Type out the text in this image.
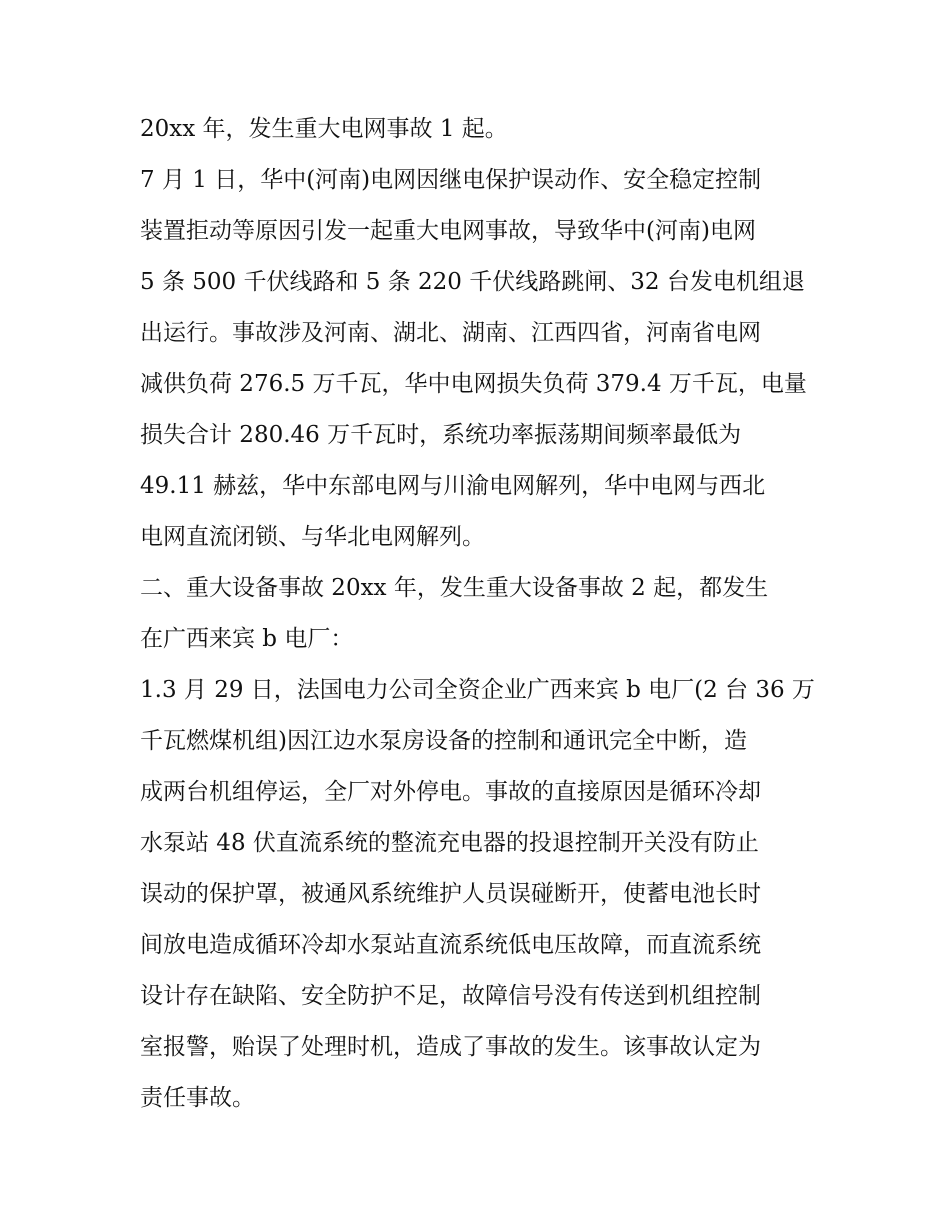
20xx 年，发生重大电网事故 1 起。
7 月 1 日，华中(河南)电网因继电保护误动作、安全稳定控制
装置拒动等原因引发一起重大电网事故，导致华中(河南)电网
5 条 500 千伏线路和 5 条 220 千伏线路跳闸、32 台发电机组退
出运行。事故涉及河南、湖北、湖南、江西四省，河南省电网
减供负荷 276.5 万千瓦，华中电网损失负荷 379.4 万千瓦，电量
损失合计 280.46 万千瓦时，系统功率振荡期间频率最低为
49.11 赫兹，华中东部电网与川渝电网解列，华中电网与西北
电网直流闭锁、与华北电网解列。
二、重大设备事故 20xx 年，发生重大设备事故 2 起，都发生
在广西来宾 b 电厂：
1.3 月 29 日，法国电力公司全资企业广西来宾 b 电厂(2 台 36 万
千瓦燃煤机组)因江边水泵房设备的控制和通讯完全中断，造
成两台机组停运，全厂对外停电。事故的直接原因是循环冷却
水泵站 48 伏直流系统的整流充电器的投退控制开关没有防止
误动的保护罩，被通风系统维护人员误碰断开，使蓄电池长时
间放电造成循环冷却水泵站直流系统低电压故障，而直流系统
设计存在缺陷、安全防护不足，故障信号没有传送到机组控制
室报警，贻误了处理时机，造成了事故的发生。该事故认定为
责任事故。
